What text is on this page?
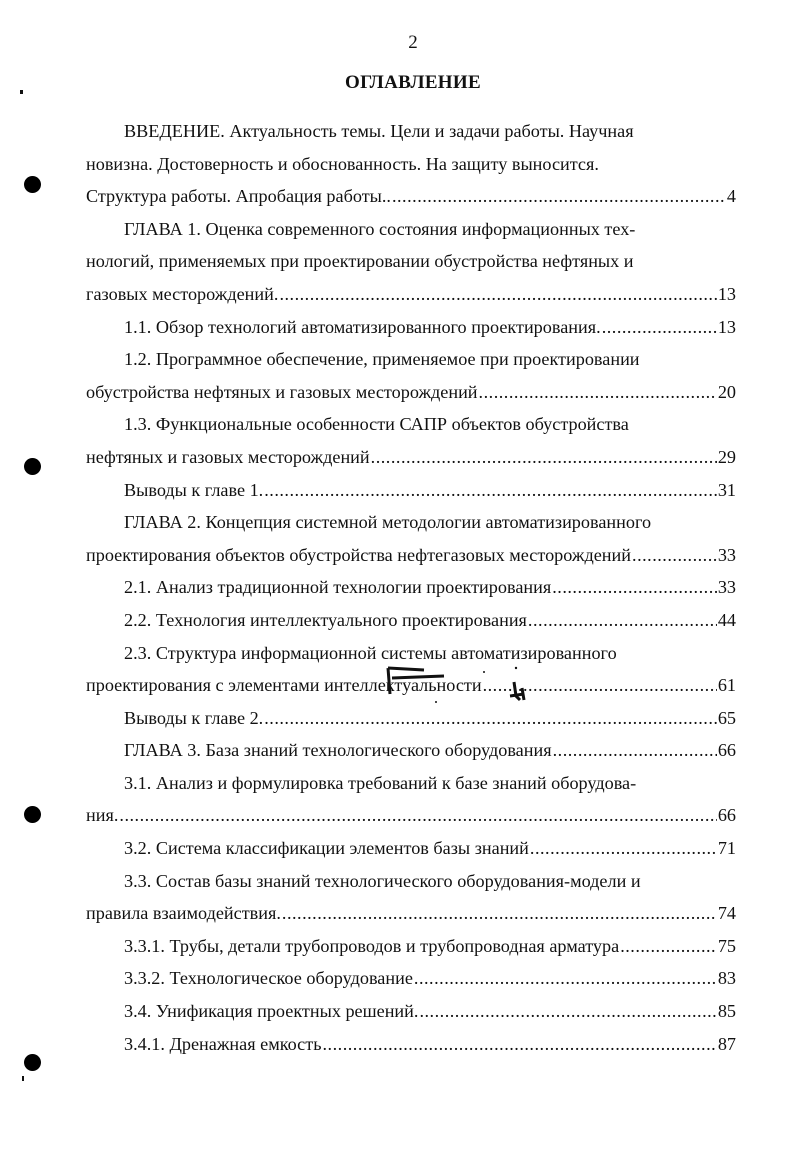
2
ОГЛАВЛЕНИЕ
ВВЕДЕНИЕ. Актуальность темы. Цели и задачи работы. Научная
новизна. Достоверность и обоснованность. На защиту выносится.
Структура работы. Апробация работы.. .....	4
ГЛАВА 1. Оценка современного состояния информационных тех-
нологий, применяемых при проектировании обустройства нефтяных и
газовых месторождений. .....	13
1.1. Обзор технологий автоматизированного проектирования. .....	13
1.2. Программное обеспечение, применяемое при проектировании
обустройства нефтяных и газовых месторождений .....	20
1.3. Функциональные особенности САПР объектов обустройства
нефтяных и газовых месторождений .....	29
Выводы к главе 1. .....	31
ГЛАВА 2. Концепция системной методологии автоматизированного
проектирования объектов обустройства нефтегазовых месторождений .....	33
2.1. Анализ традиционной технологии проектирования .....	33
2.2. Технология интеллектуального проектирования .....	44
2.3. Структура информационной системы автоматизированного
проектирования с элементами интеллектуальности .....	61
Выводы к главе 2. .....	65
ГЛАВА 3. База знаний технологического оборудования .....	66
3.1. Анализ и формулировка требований к базе знаний оборудова-
ния. .....	66
3.2. Система классификации элементов базы знаний .....	71
3.3. Состав базы знаний технологического оборудования-модели и
правила взаимодействия. .....	74
3.3.1. Трубы, детали трубопроводов и трубопроводная арматура .....	75
3.3.2. Технологическое оборудование .....	83
3.4. Унификация проектных решений. .....	85
3.4.1. Дренажная емкость .....	87
